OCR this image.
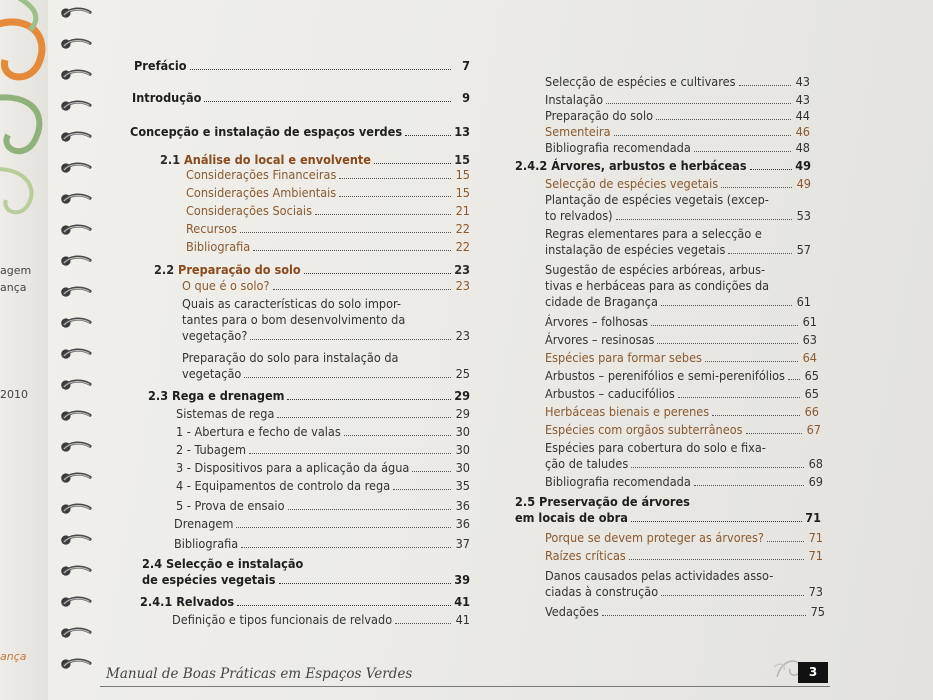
agem
ança
2010
ança
Prefácio	7
Introdução	9
Concepção e instalação de espaços verdes	13
2.1 Análise do local e envolvente	15
Considerações Financeiras	15
Considerações Ambientais	15
Considerações Sociais	21
Recursos	22
Bibliografia	22
2.2 Preparação do solo	23
O que é o solo?	23
Quais as características do solo impor-
tantes para o bom desenvolvimento da
vegetação?	23
Preparação do solo para instalação da
vegetação	25
2.3 Rega e drenagem	29
Sistemas de rega	29
1 - Abertura e fecho de valas	30
2 - Tubagem	30
3 - Dispositivos para a aplicação da água	30
4 - Equipamentos de controlo da rega	35
5 - Prova de ensaio	36
Drenagem	36
Bibliografia	37
2.4 Selecção e instalação
de espécies vegetais	39
2.4.1 Relvados	41
Definição e tipos funcionais de relvado	41
Selecção de espécies e cultivares	43
Instalação	43
Preparação do solo	44
Sementeira	46
Bibliografia recomendada	48
2.4.2 Árvores, arbustos e herbáceas	49
Selecção de espécies vegetais	49
Plantação de espécies vegetais (excep-
to relvados)	53
Regras elementares para a selecção e
instalação de espécies vegetais	57
Sugestão de espécies arbóreas, arbus-
tivas e herbáceas para as condições da
cidade de Bragança	61
Árvores – folhosas	61
Árvores – resinosas	63
Espécies para formar sebes	64
Arbustos – perenifólios e semi-perenifólios 65
Arbustos – caducifólios	65
Herbáceas bienais e perenes	66
Espécies com orgãos subterrâneos	67
Espécies para cobertura do solo e fixa-
ção de taludes	68
Bibliografia recomendada	69
2.5 Preservação de árvores
em locais de obra	71
Porque se devem proteger as árvores?	71
Raízes críticas	71
Danos causados pelas actividades asso-
ciadas à construção	73
Vedações	75
Manual de Boas Práticas em Espaços Verdes	3
